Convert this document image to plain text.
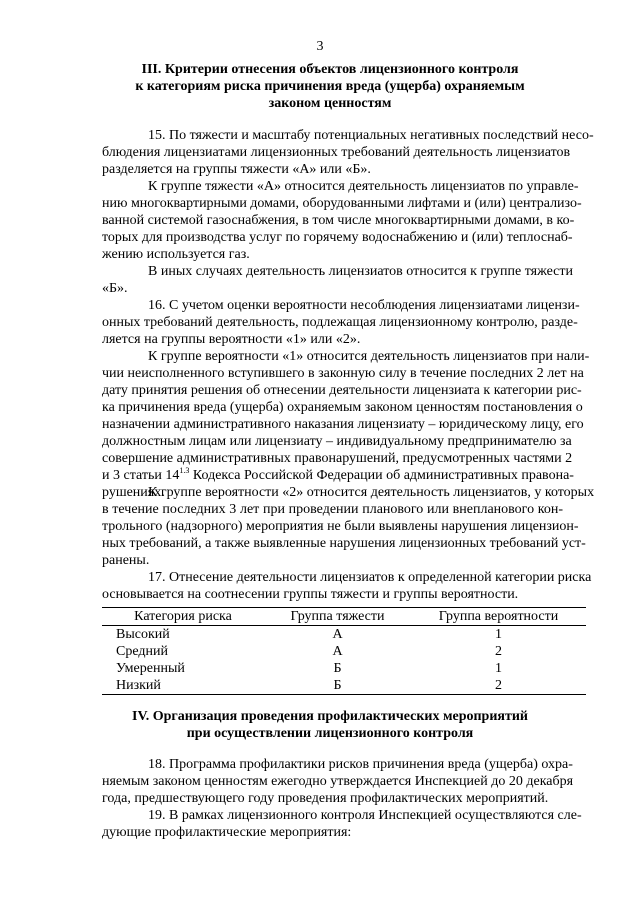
3
III. Критерии отнесения объектов лицензионного контроля
к категориям риска причинения вреда (ущерба) охраняемым
законом ценностям
15. По тяжести и масштабу потенциальных негативных последствий несо-
блюдения лицензиатами лицензионных требований деятельность лицензиатов
разделяется на группы тяжести «А» или «Б».
К группе тяжести «А» относится деятельность лицензиатов по управле-
нию многоквартирными домами, оборудованными лифтами и (или) централизо-
ванной системой газоснабжения, в том числе многоквартирными домами, в ко-
торых для производства услуг по горячему водоснабжению и (или) теплоснаб-
жению используется газ.
В иных случаях деятельность лицензиатов относится к группе тяжести
«Б».
16. С учетом оценки вероятности несоблюдения лицензиатами лицензи-
онных требований деятельность, подлежащая лицензионному контролю, разде-
ляется на группы вероятности «1» или «2».
К группе вероятности «1» относится деятельность лицензиатов при нали-
чии неисполненного вступившего в законную силу в течение последних 2 лет на
дату принятия решения об отнесении деятельности лицензиата к категории рис-
ка причинения вреда (ущерба) охраняемым законом ценностям постановления о
назначении административного наказания лицензиату – юридическому лицу, его
должностным лицам или лицензиату – индивидуальному предпринимателю за
совершение административных правонарушений, предусмотренных частями 2
и 3 статьи $14^{1.3}$ Кодекса Российской Федерации об административных правона-
рушениях.
К группе вероятности «2» относится деятельность лицензиатов, у которых
в течение последних 3 лет при проведении планового или внепланового кон-
трольного (надзорного) мероприятия не были выявлены нарушения лицензион-
ных требований, а также выявленные нарушения лицензионных требований уст-
ранены.
17. Отнесение деятельности лицензиатов к определенной категории риска
основывается на соотнесении группы тяжести и группы вероятности.
Категория риска	Группа тяжести	Группа вероятности
Высокий	А	1
Средний	А	2
Умеренный	Б	1
Низкий	Б	2
IV. Организация проведения профилактических мероприятий
при осуществлении лицензионного контроля
18. Программа профилактики рисков причинения вреда (ущерба) охра-
няемым законом ценностям ежегодно утверждается Инспекцией до 20 декабря
года, предшествующего году проведения профилактических мероприятий.
19. В рамках лицензионного контроля Инспекцией осуществляются сле-
дующие профилактические мероприятия:
